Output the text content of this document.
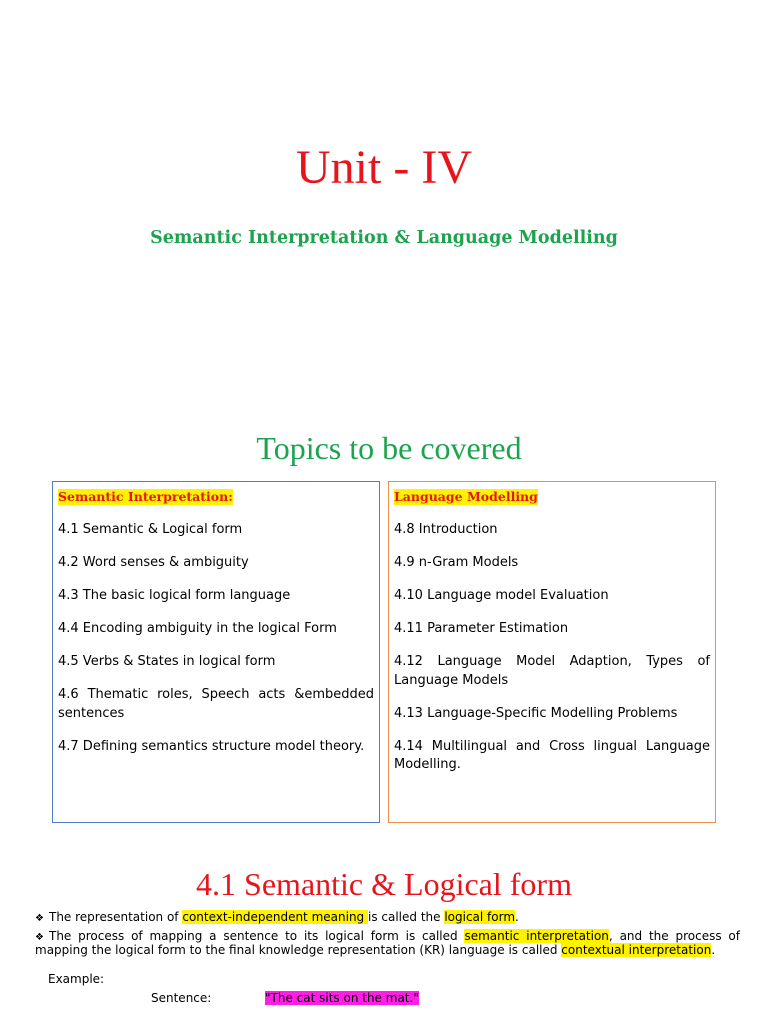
Unit - IV
Semantic Interpretation & Language Modelling
Topics to be covered
Semantic Interpretation:

4.1 Semantic & Logical form

4.2 Word senses & ambiguity

4.3 The basic logical form language

4.4 Encoding ambiguity in the logical Form

4.5 Verbs & States in logical form

4.6 Thematic roles, Speech acts &embedded sentences

4.7 Defining semantics structure model theory.

Language Modelling

4.8 Introduction

4.9 n-Gram Models

4.10 Language model Evaluation

4.11 Parameter Estimation

4.12 Language Model Adaption, Types of Language Models

4.13 Language-Specific Modelling Problems

4.14 Multilingual and Cross lingual Language Modelling.

4.1 Semantic & Logical form
❖ The representation of context-independent meaning is called the logical form.
❖ The process of mapping a sentence to its logical form is called semantic interpretation, and the process of mapping the logical form to the final knowledge representation (KR) language is called contextual interpretation.
Example:
Sentence:	"The cat sits on the mat."
